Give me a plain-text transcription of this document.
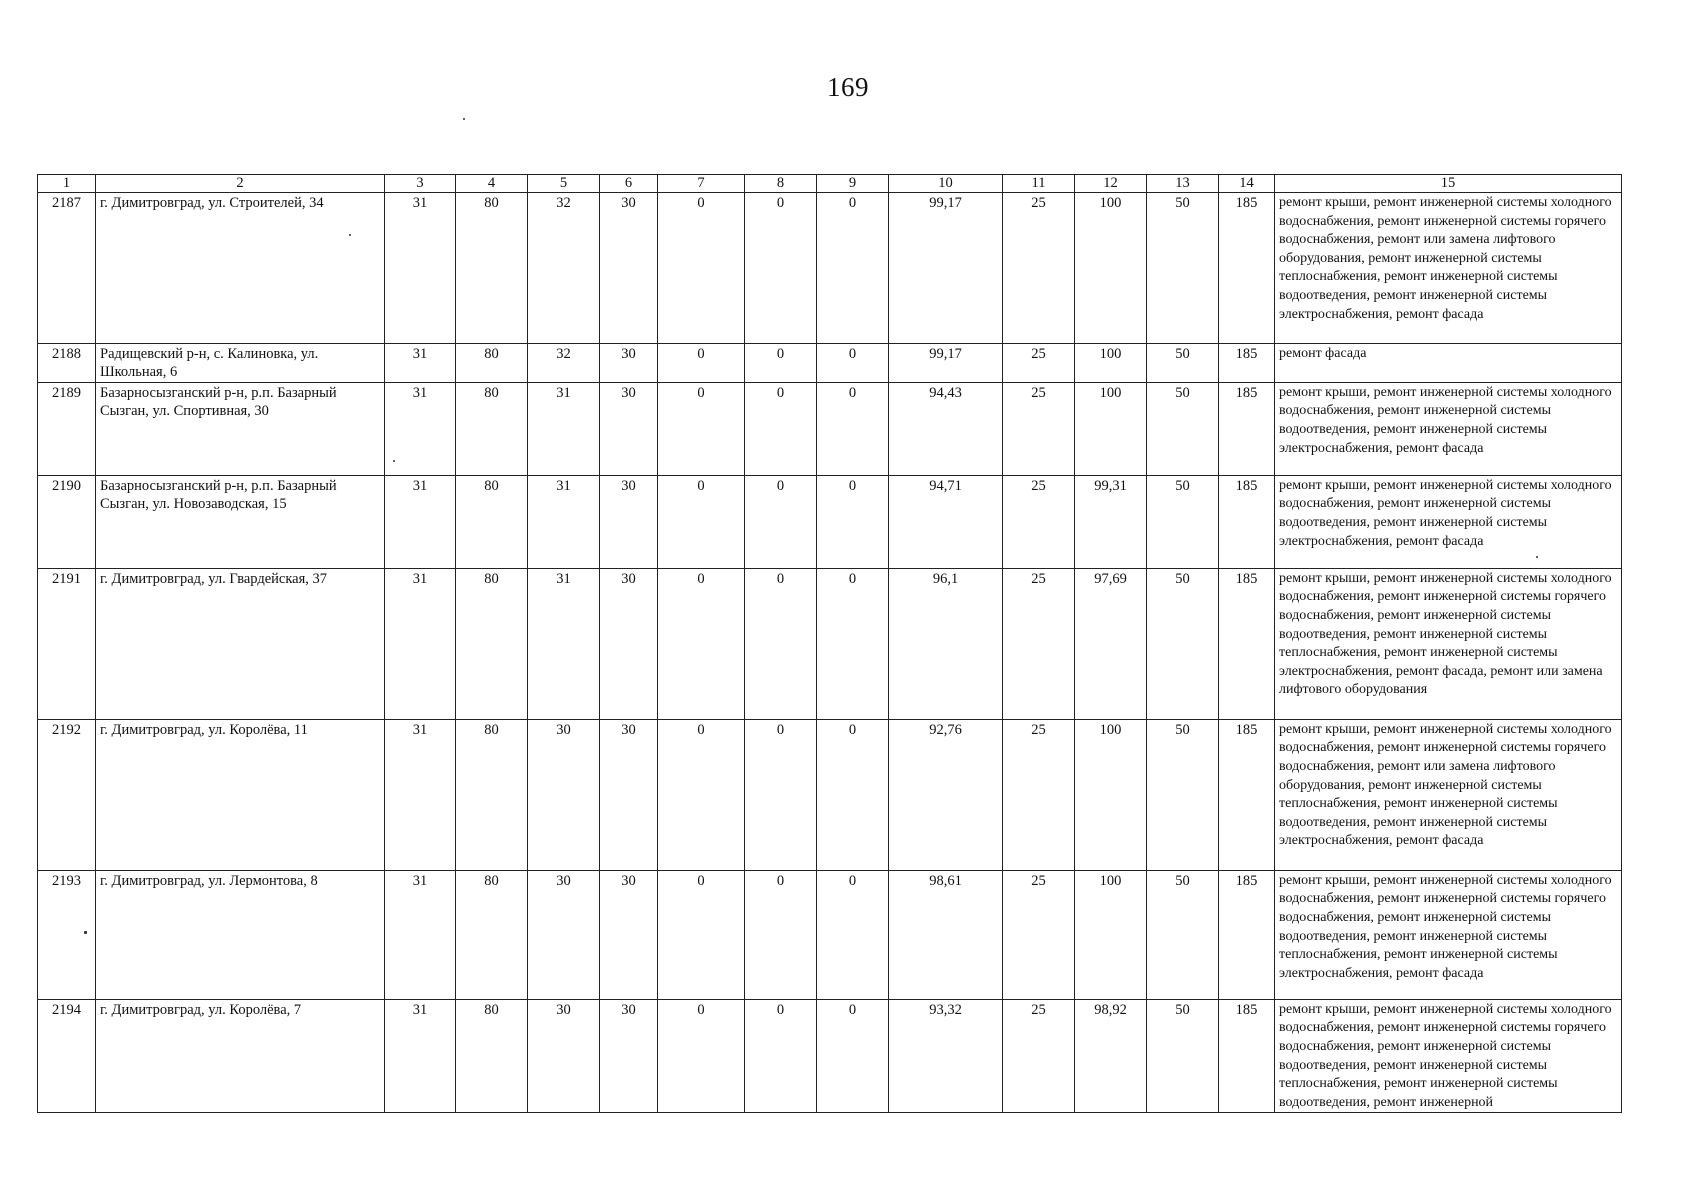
169
1	2	3	4	5	6	7	8	9	10	11	12	13	14	15
2187	г. Димитровград, ул. Строителей, 34	31	80	32	30	0	0	0	99,17	25	100	50	185	ремонт крыши, ремонт инженерной системы холодного водоснабжения, ремонт инженерной системы горячего водоснабжения, ремонт или замена лифтового оборудования, ремонт инженерной системы теплоснабжения, ремонт инженерной системы водоотведения, ремонт инженерной системы электроснабжения, ремонт фасада
2188	Радищевский р-н, с. Калиновка, ул. Школьная, 6	31	80	32	30	0	0	0	99,17	25	100	50	185	ремонт фасада
2189	Базарносызганский р-н, р.п. Базарный Сызган, ул. Спортивная, 30	31	80	31	30	0	0	0	94,43	25	100	50	185	ремонт крыши, ремонт инженерной системы холодного водоснабжения, ремонт инженерной системы водоотведения, ремонт инженерной системы электроснабжения, ремонт фасада
2190	Базарносызганский р-н, р.п. Базарный Сызган, ул. Новозаводская, 15	31	80	31	30	0	0	0	94,71	25	99,31	50	185	ремонт крыши, ремонт инженерной системы холодного водоснабжения, ремонт инженерной системы водоотведения, ремонт инженерной системы электроснабжения, ремонт фасада
2191	г. Димитровград, ул. Гвардейская, 37	31	80	31	30	0	0	0	96,1	25	97,69	50	185	ремонт крыши, ремонт инженерной системы холодного водоснабжения, ремонт инженерной системы горячего водоснабжения, ремонт инженерной системы водоотведения, ремонт инженерной системы теплоснабжения, ремонт инженерной системы электроснабжения, ремонт фасада, ремонт или замена лифтового оборудования
2192	г. Димитровград, ул. Королёва, 11	31	80	30	30	0	0	0	92,76	25	100	50	185	ремонт крыши, ремонт инженерной системы холодного водоснабжения, ремонт инженерной системы горячего водоснабжения, ремонт или замена лифтового оборудования, ремонт инженерной системы теплоснабжения, ремонт инженерной системы водоотведения, ремонт инженерной системы электроснабжения, ремонт фасада
2193	г. Димитровград, ул. Лермонтова, 8	31	80	30	30	0	0	0	98,61	25	100	50	185	ремонт крыши, ремонт инженерной системы холодного водоснабжения, ремонт инженерной системы горячего водоснабжения, ремонт инженерной системы водоотведения, ремонт инженерной системы теплоснабжения, ремонт инженерной системы электроснабжения, ремонт фасада
2194	г. Димитровград, ул. Королёва, 7	31	80	30	30	0	0	0	93,32	25	98,92	50	185	ремонт крыши, ремонт инженерной системы холодного водоснабжения, ремонт инженерной системы горячего водоснабжения, ремонт инженерной системы водоотведения, ремонт инженерной системы теплоснабжения, ремонт инженерной системы водоотведения, ремонт инженерной
